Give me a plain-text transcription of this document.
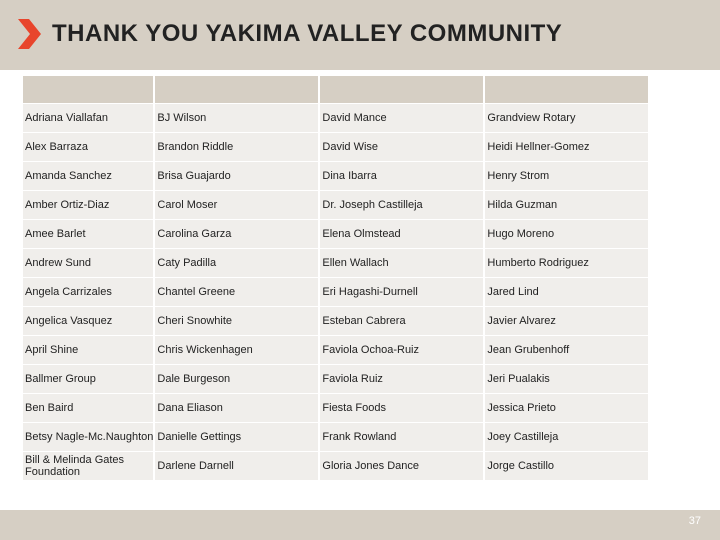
THANK YOU YAKIMA VALLEY COMMUNITY

Adriana Viallafan	BJ Wilson	David Mance	Grandview Rotary
Alex Barraza	Brandon Riddle	David Wise	Heidi Hellner-Gomez
Amanda Sanchez	Brisa Guajardo	Dina Ibarra	Henry Strom
Amber Ortiz-Diaz	Carol Moser	Dr. Joseph Castilleja	Hilda Guzman
Amee Barlet	Carolina Garza	Elena Olmstead	Hugo Moreno
Andrew Sund	Caty Padilla	Ellen Wallach	Humberto Rodriguez
Angela Carrizales	Chantel Greene	Eri Hagashi-Durnell	Jared Lind
Angelica Vasquez	Cheri Snowhite	Esteban Cabrera	Javier Alvarez
April Shine	Chris Wickenhagen	Faviola Ochoa-Ruiz	Jean Grubenhoff
Ballmer Group	Dale Burgeson	Faviola Ruiz	Jeri Pualakis
Ben Baird	Dana Eliason	Fiesta Foods	Jessica Prieto
Betsy Nagle-Mc.Naughton	Danielle Gettings	Frank Rowland	Joey Castilleja
Bill & Melinda Gates Foundation	Darlene Darnell	Gloria Jones Dance	Jorge Castillo
37
